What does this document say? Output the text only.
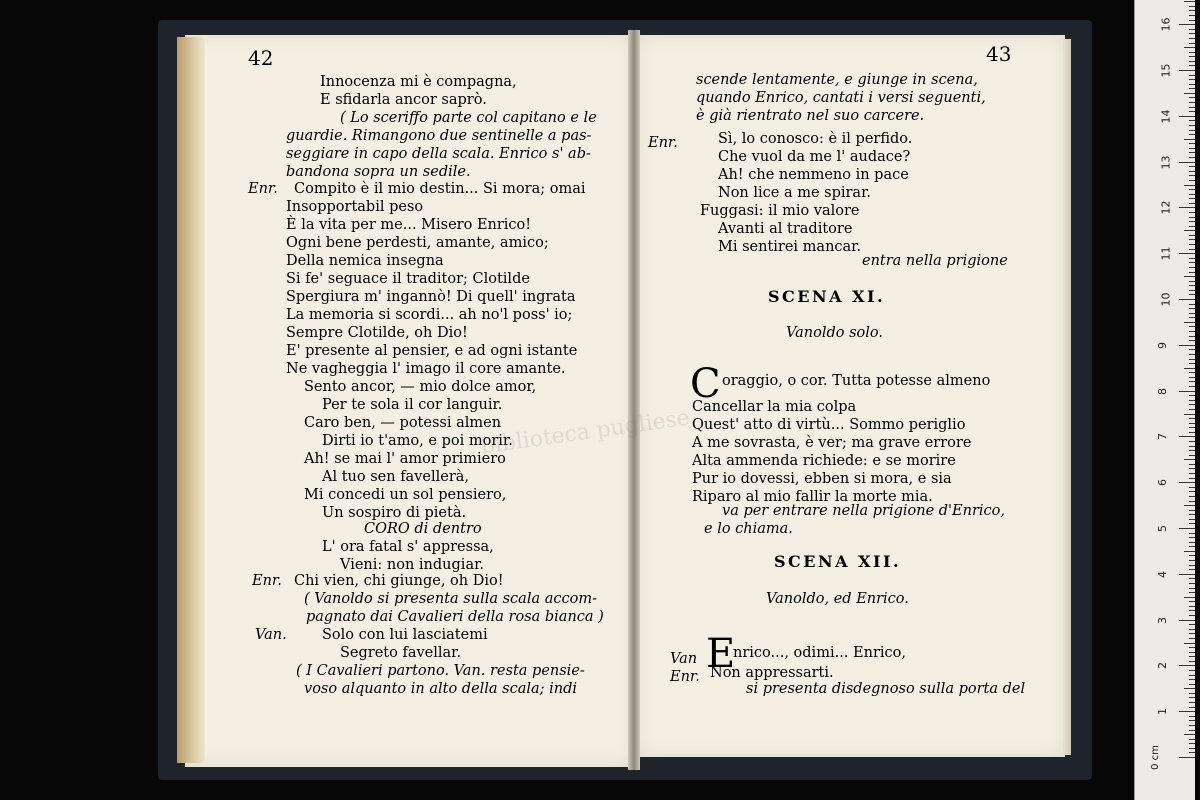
42	43
Innocenza mi è compagna,
E sfidarla ancor saprò.
( Lo sceriffo parte col capitano e le
guardie. Rimangono due sentinelle a pas-
seggiare in capo della scala. Enrico s' ab-
bandona sopra un sedile.
Enr. Compito è il mio destin... Si mora; omai
Insopportabil peso
È la vita per me... Misero Enrico!
Ogni bene perdesti, amante, amico;
Della nemica insegna
Si fe' seguace il traditor; Clotilde
Spergiura m' ingannò! Di quell' ingrata
La memoria si scordi... ah no'l poss' io;
Sempre Clotilde, oh Dio!
E' presente al pensier, e ad ogni istante
Ne vagheggia l' imago il core amante.
Sento ancor, — mio dolce amor,
Per te sola il cor languir.
Caro ben, — potessi almen
Dirti io t'amo, e poi morir.
Ah! se mai l' amor primiero
Al tuo sen favellerà,
Mi concedi un sol pensiero,
Un sospiro di pietà.
CORO di dentro
L' ora fatal s' appressa,
Vieni: non indugiar.
Enr. Chi vien, chi giunge, oh Dio!
( Vanoldo si presenta sulla scala accom-
pagnato dai Cavalieri della rosa bianca )
Van. Solo con lui lasciatemi
Segreto favellar.
( I Cavalieri partono. Van. resta pensie-
voso alquanto in alto della scala; indi
scende lentamente, e giunge in scena,
quando Enrico, cantati i versi seguenti,
è già rientrato nel suo carcere.
Enr.	Sì, lo conosco: è il perfido.
Che vuol da me l' audace?
Ah! che nemmeno in pace
Non lice a me spirar.
Fuggasi: il mio valore
Avanti al traditore
Mi sentirei mancar.
entra nella prigione
Vanoldo solo.
oraggio, o cor. Tutta potesse almeno
Cancellar la mia colpa
Quest' atto di virtù... Sommo periglio
A me sovrasta, è ver; ma grave errore
Alta ammenda richiede: e se morire
Pur io dovessi, ebben si mora, e sia
Riparo al mio fallir la morte mia.
va per entrare nella prigione d'Enrico,
e lo chiama.
Vanoldo, ed Enrico.
Van nrico..., odimi... Enrico,
Enr. Non appressarti.
si presenta disdegnoso sulla porta del
SCENA XI.
C
SCENA XII.
E
biblioteca pugliese
1
2
3
4
5
6
7
8
9
10
11
12
13
14
15
16
0 cm
